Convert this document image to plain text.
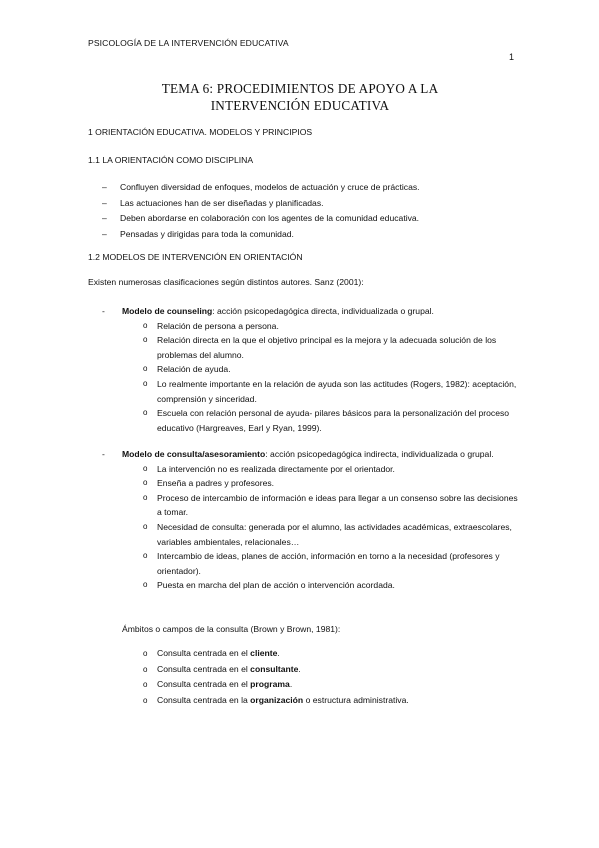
PSICOLOGÍA DE LA INTERVENCIÓN EDUCATIVA
1
TEMA 6: PROCEDIMIENTOS DE APOYO A LA
INTERVENCIÓN EDUCATIVA
1 ORIENTACIÓN EDUCATIVA. MODELOS Y PRINCIPIOS
1.1 LA ORIENTACIÓN COMO DISCIPLINA
– Confluyen diversidad de enfoques, modelos de actuación y cruce de prácticas.
– Las actuaciones han de ser diseñadas y planificadas.
– Deben abordarse en colaboración con los agentes de la comunidad educativa.
– Pensadas y dirigidas para toda la comunidad.
1.2 MODELOS DE INTERVENCIÓN EN ORIENTACIÓN

Existen numerosas clasificaciones según distintos autores. Sanz (2001):

- Modelo de counseling: acción psicopedagógica directa, individualizada o grupal.
o Relación de persona a persona.
o Relación directa en la que el objetivo principal es la mejora y la adecuada solución de los problemas del alumno.
o Relación de ayuda.
o Lo realmente importante en la relación de ayuda son las actitudes (Rogers, 1982): aceptación, comprensión y sinceridad.
o Escuela con relación personal de ayuda- pilares básicos para la personalización del proceso educativo (Hargreaves, Earl y Ryan, 1999).
- Modelo de consulta/asesoramiento: acción psicopedagógica indirecta, individualizada o grupal.
o La intervención no es realizada directamente por el orientador.
o Enseña a padres y profesores.
o Proceso de intercambio de información e ideas para llegar a un consenso sobre las decisiones a tomar.
o Necesidad de consulta: generada por el alumno, las actividades académicas, extraescolares, variables ambientales, relacionales…
o Intercambio de ideas, planes de acción, información en torno a la necesidad (profesores y orientador).
o Puesta en marcha del plan de acción o intervención acordada.

Ámbitos o campos de la consulta (Brown y Brown, 1981):

o Consulta centrada en el cliente.
o Consulta centrada en el consultante.
o Consulta centrada en el programa.
o Consulta centrada en la organización o estructura administrativa.
